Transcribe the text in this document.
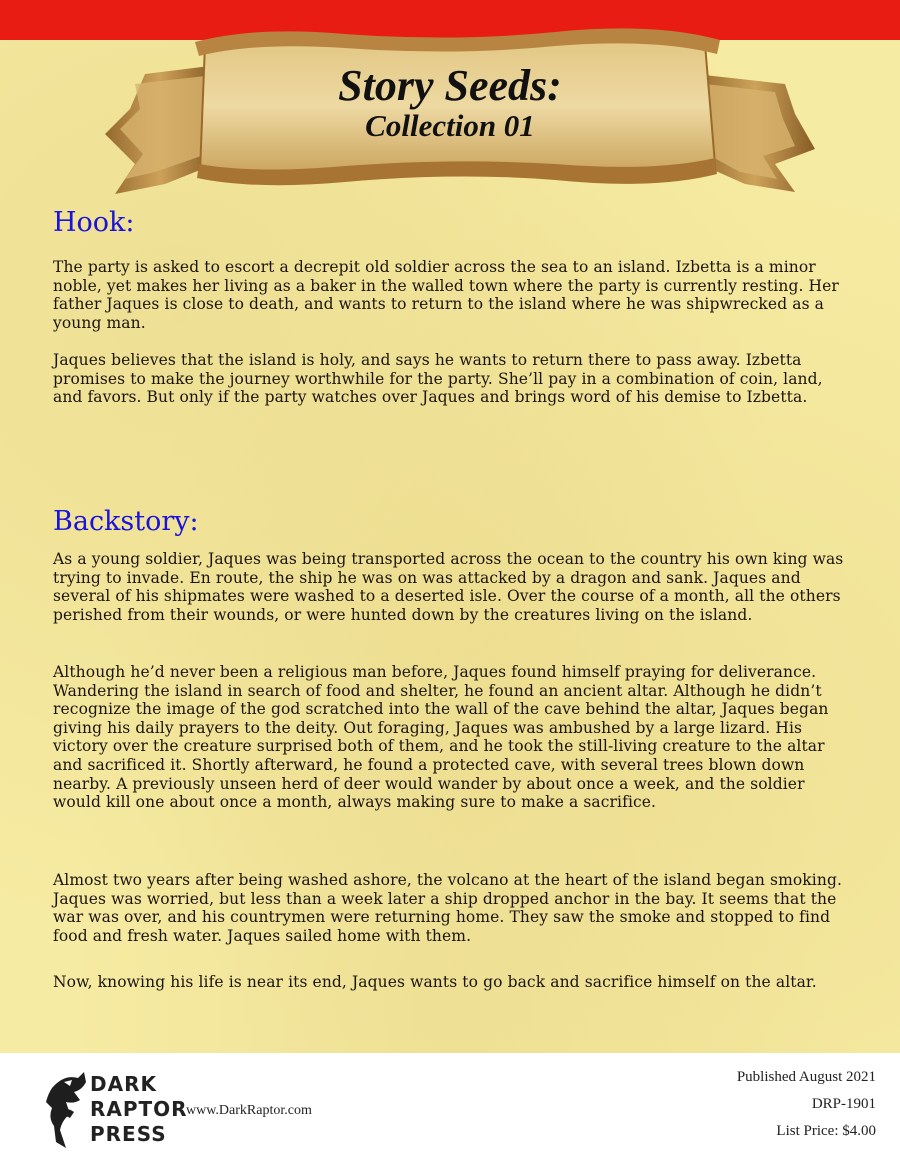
Story Seeds:
Collection 01
Hook:

The party is asked to escort a decrepit old soldier across the sea to an island. Izbetta is a minor noble, yet makes her living as a baker in the walled town where the party is currently resting. Her father Jaques is close to death, and wants to return to the island where he was shipwrecked as a young man.

Jaques believes that the island is holy, and says he wants to return there to pass away. Izbetta promises to make the journey worthwhile for the party. She’ll pay in a combination of coin, land, and favors. But only if the party watches over Jaques and brings word of his demise to Izbetta.

Backstory:

As a young soldier, Jaques was being transported across the ocean to the country his own king was trying to invade. En route, the ship he was on was attacked by a dragon and sank. Jaques and several of his shipmates were washed to a deserted isle. Over the course of a month, all the others perished from their wounds, or were hunted down by the creatures living on the island.

Although he’d never been a religious man before, Jaques found himself praying for deliverance. Wandering the island in search of food and shelter, he found an ancient altar. Although he didn’t recognize the image of the god scratched into the wall of the cave behind the altar, Jaques began giving his daily prayers to the deity. Out foraging, Jaques was ambushed by a large lizard. His victory over the creature surprised both of them, and he took the still-living creature to the altar and sacrificed it. Shortly afterward, he found a protected cave, with several trees blown down nearby. A previously unseen herd of deer would wander by about once a week, and the soldier would kill one about once a month, always making sure to make a sacrifice.

Almost two years after being washed ashore, the volcano at the heart of the island began smoking. Jaques was worried, but less than a week later a ship dropped anchor in the bay. It seems that the war was over, and his countrymen were returning home. They saw the smoke and stopped to find food and fresh water. Jaques sailed home with them.

Now, knowing his life is near its end, Jaques wants to go back and sacrifice himself on the altar.

DARK
RAPTOR
PRESS
www.DarkRaptor.com
Published August 2021
DRP-1901
List Price: $4.00
